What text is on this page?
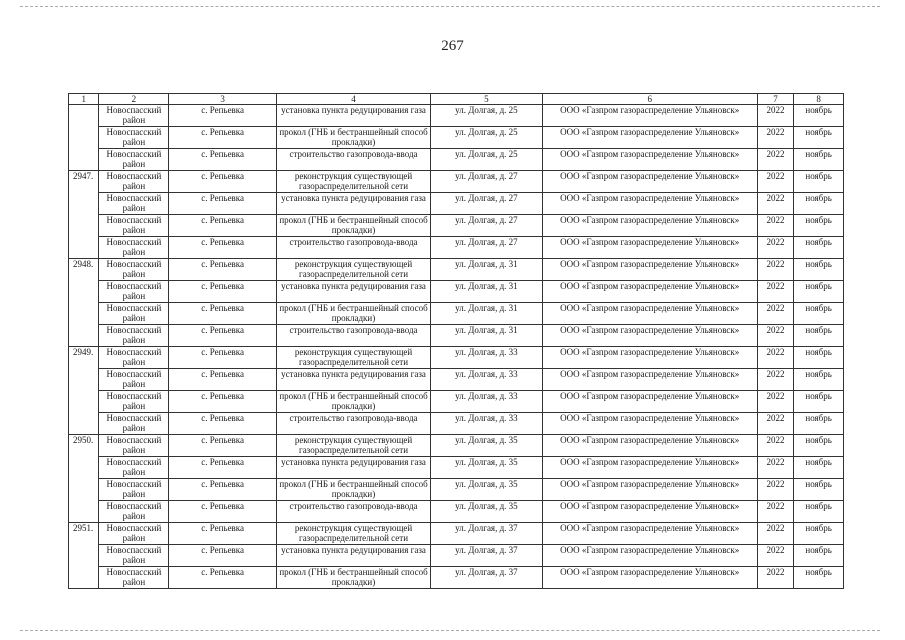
267
1	2	3	4	5	6	7	8
	Новоспасский район	с. Репьевка	установка пункта редуцирования газа	ул. Долгая, д. 25	ООО «Газпром газораспределение Ульяновск»	2022	ноябрь
	Новоспасский район	с. Репьевка	прокол (ГНБ и бестраншейный способ прокладки)	ул. Долгая, д. 25	ООО «Газпром газораспределение Ульяновск»	2022	ноябрь
	Новоспасский район	с. Репьевка	строительство газопровода-ввода	ул. Долгая, д. 25	ООО «Газпром газораспределение Ульяновск»	2022	ноябрь
2947.	Новоспасский район	с. Репьевка	реконструкция существующей газораспределительной сети	ул. Долгая, д. 27	ООО «Газпром газораспределение Ульяновск»	2022	ноябрь
	Новоспасский район	с. Репьевка	установка пункта редуцирования газа	ул. Долгая, д. 27	ООО «Газпром газораспределение Ульяновск»	2022	ноябрь
	Новоспасский район	с. Репьевка	прокол (ГНБ и бестраншейный способ прокладки)	ул. Долгая, д. 27	ООО «Газпром газораспределение Ульяновск»	2022	ноябрь
	Новоспасский район	с. Репьевка	строительство газопровода-ввода	ул. Долгая, д. 27	ООО «Газпром газораспределение Ульяновск»	2022	ноябрь
2948.	Новоспасский район	с. Репьевка	реконструкция существующей газораспределительной сети	ул. Долгая, д. 31	ООО «Газпром газораспределение Ульяновск»	2022	ноябрь
	Новоспасский район	с. Репьевка	установка пункта редуцирования газа	ул. Долгая, д. 31	ООО «Газпром газораспределение Ульяновск»	2022	ноябрь
	Новоспасский район	с. Репьевка	прокол (ГНБ и бестраншейный способ прокладки)	ул. Долгая, д. 31	ООО «Газпром газораспределение Ульяновск»	2022	ноябрь
	Новоспасский район	с. Репьевка	строительство газопровода-ввода	ул. Долгая, д. 31	ООО «Газпром газораспределение Ульяновск»	2022	ноябрь
2949.	Новоспасский район	с. Репьевка	реконструкция существующей газораспределительной сети	ул. Долгая, д. 33	ООО «Газпром газораспределение Ульяновск»	2022	ноябрь
	Новоспасский район	с. Репьевка	установка пункта редуцирования газа	ул. Долгая, д. 33	ООО «Газпром газораспределение Ульяновск»	2022	ноябрь
	Новоспасский район	с. Репьевка	прокол (ГНБ и бестраншейный способ прокладки)	ул. Долгая, д. 33	ООО «Газпром газораспределение Ульяновск»	2022	ноябрь
	Новоспасский район	с. Репьевка	строительство газопровода-ввода	ул. Долгая, д. 33	ООО «Газпром газораспределение Ульяновск»	2022	ноябрь
2950.	Новоспасский район	с. Репьевка	реконструкция существующей газораспределительной сети	ул. Долгая, д. 35	ООО «Газпром газораспределение Ульяновск»	2022	ноябрь
	Новоспасский район	с. Репьевка	установка пункта редуцирования газа	ул. Долгая, д. 35	ООО «Газпром газораспределение Ульяновск»	2022	ноябрь
	Новоспасский район	с. Репьевка	прокол (ГНБ и бестраншейный способ прокладки)	ул. Долгая, д. 35	ООО «Газпром газораспределение Ульяновск»	2022	ноябрь
	Новоспасский район	с. Репьевка	строительство газопровода-ввода	ул. Долгая, д. 35	ООО «Газпром газораспределение Ульяновск»	2022	ноябрь
2951.	Новоспасский район	с. Репьевка	реконструкция существующей газораспределительной сети	ул. Долгая, д. 37	ООО «Газпром газораспределение Ульяновск»	2022	ноябрь
	Новоспасский район	с. Репьевка	установка пункта редуцирования газа	ул. Долгая, д. 37	ООО «Газпром газораспределение Ульяновск»	2022	ноябрь
	Новоспасский район	с. Репьевка	прокол (ГНБ и бестраншейный способ прокладки)	ул. Долгая, д. 37	ООО «Газпром газораспределение Ульяновск»	2022	ноябрь
